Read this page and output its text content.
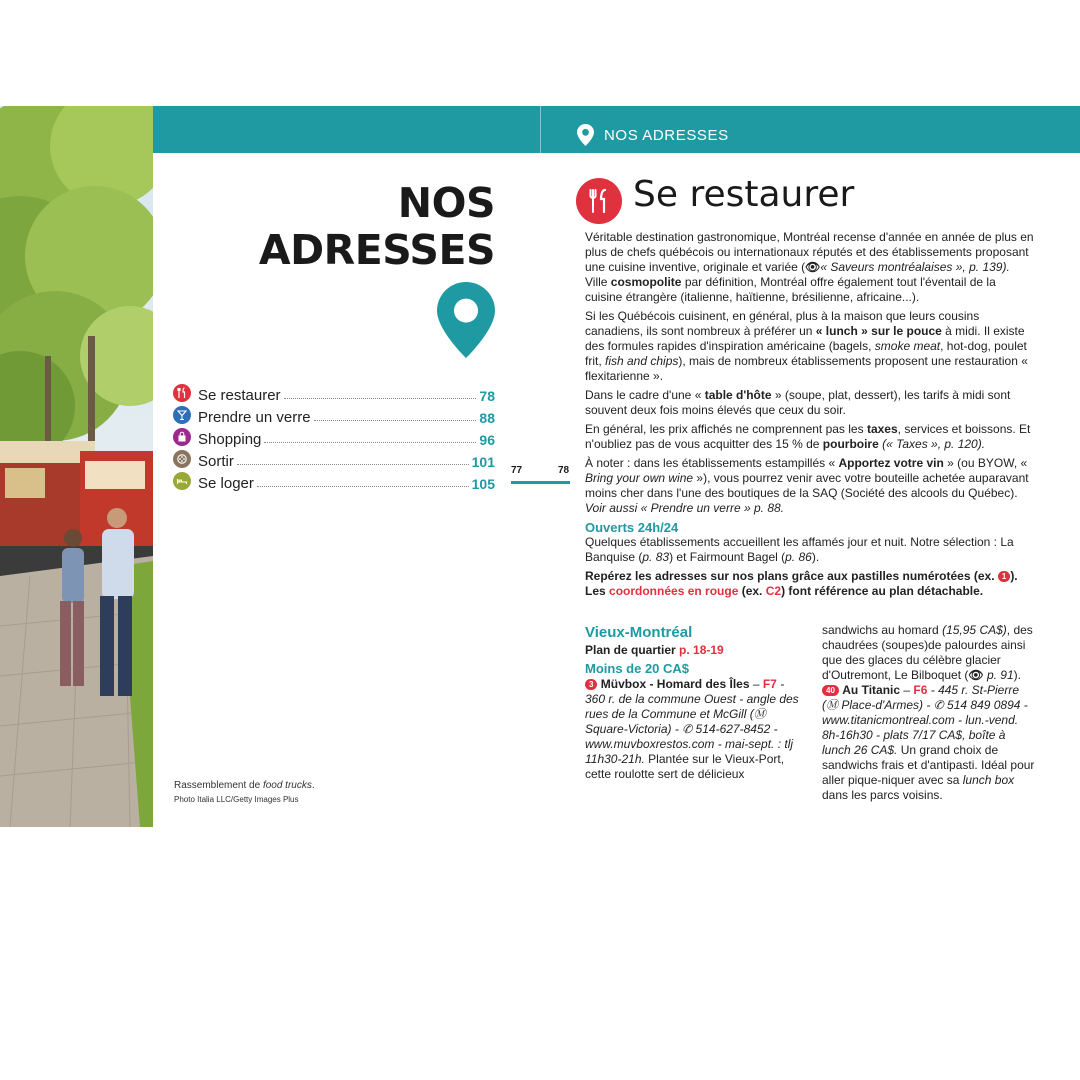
NOS ADRESSES
NOS
ADRESSES
Se restaurer	78
Prendre un verre	88
Shopping	96
Sortir	101
Se loger	105
77	78
Rassemblement de food trucks.
Photo Italia LLC/Getty Images Plus
Se restaurer

Véritable destination gastronomique, Montréal recense d'année en année de plus en plus de chefs québécois ou internationaux réputés et des établissements proposant une cuisine inventive, originale et variée (👁« Saveurs montréalaises », p. 139). Ville cosmopolite par définition, Montréal offre également tout l'éventail de la cuisine étrangère (italienne, haïtienne, brésilienne, africaine...).

Si les Québécois cuisinent, en général, plus à la maison que leurs cousins canadiens, ils sont nombreux à préférer un « lunch » sur le pouce à midi. Il existe des formules rapides d'inspiration américaine (bagels, smoke meat, hot-dog, poulet frit, fish and chips), mais de nombreux établissements proposent une restauration « flexitarienne ».

Dans le cadre d'une « table d'hôte » (soupe, plat, dessert), les tarifs à midi sont souvent deux fois moins élevés que ceux du soir.

En général, les prix affichés ne comprennent pas les taxes, services et boissons. Et n'oubliez pas de vous acquitter des 15 % de pourboire (« Taxes », p. 120).

À noter : dans les établissements estampillés « Apportez votre vin » (ou BYOW, « Bring your own wine »), vous pourrez venir avec votre bouteille achetée auparavant moins cher dans l'une des boutiques de la SAQ (Société des alcools du Québec). Voir aussi « Prendre un verre » p. 88.

Ouverts 24h/24

Quelques établissements accueillent les affamés jour et nuit. Notre sélection : La Banquise (p. 83) et Fairmount Bagel (p. 86).

Repérez les adresses sur nos plans grâce aux pastilles numérotées (ex. 1 ).
Les coordonnées en rouge (ex. C2) font référence au plan détachable.

Vieux-Montréal
Plan de quartier p. 18-19
Moins de 20 CA$
3 Müvbox - Homard des Îles – F7 - 360 r. de la commune Ouest - angle des rues de la Commune et McGill (Ⓜ Square-Victoria) - ✆ 514-627-8452 - www.muvboxrestos.com - mai-sept. : tlj 11h30-21h. Plantée sur le Vieux-Port, cette roulotte sert de délicieux
sandwichs au homard (15,95 CA$), des chaudrées (soupes)de palourdes ainsi que des glaces du célèbre glacier d'Outremont, Le Bilboquet (👁 p. 91).
40 Au Titanic – F6 - 445 r. St-Pierre (Ⓜ Place-d'Armes) - ✆ 514 849 0894 - www.titanicmontreal.com - lun.-vend. 8h-16h30 - plats 7/17 CA$, boîte à lunch 26 CA$. Un grand choix de sandwichs frais et d'antipasti. Idéal pour aller pique-niquer avec sa lunch box dans les parcs voisins.
